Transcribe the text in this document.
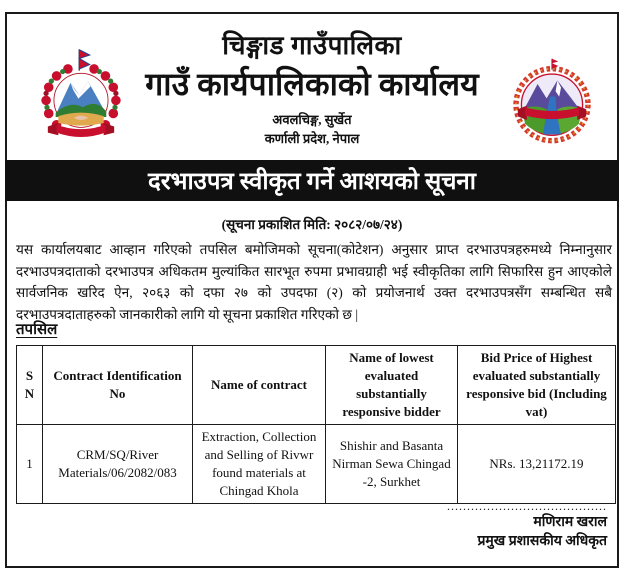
चिङ्गाड गाउँपालिका
गाउँ कार्यपालिकाको कार्यालय
अवलचिङ्ग, सुर्खेत
कर्णाली प्रदेश, नेपाल
दरभाउपत्र स्वीकृत गर्ने आशयको सूचना
(सूचना प्रकाशित मिति: २०८२/०७/२४)
यस कार्यालयबाट आव्हान गरिएको तपसिल बमोजिमको सूचना(कोटेशन) अनुसार प्राप्त दरभाउपत्रहरुमध्ये निम्नानुसार दरभाउपत्रदाताको दरभाउपत्र अधिकतम मुल्यांकित सारभूत रुपमा प्रभावग्राही भई स्वीकृतिका लागि सिफारिस हुन आएकोले सार्वजनिक खरिद ऐन, २०६३ को दफा २७ को उपदफा (२) को प्रयोजनार्थ उक्त दरभाउपत्रसँग सम्बन्धित सबै दरभाउपत्रदाताहरुको जानकारीको लागि यो सूचना प्रकाशित गरिएको छ |
तपसिल
S N	Contract Identification No	Name of contract	Name of lowest evaluated substantially responsive bidder	Bid Price of Highest evaluated substantially responsive bid (Including vat)
1	CRM/SQ/River Materials/06/2082/083	Extraction, Collection and Selling of Rivwr found materials at Chingad Khola	Shishir and Basanta Nirman Sewa Chingad -2, Surkhet	NRs. 13,21172.19
........................................
मणिराम खराल
प्रमुख प्रशासकीय अधिकृत
